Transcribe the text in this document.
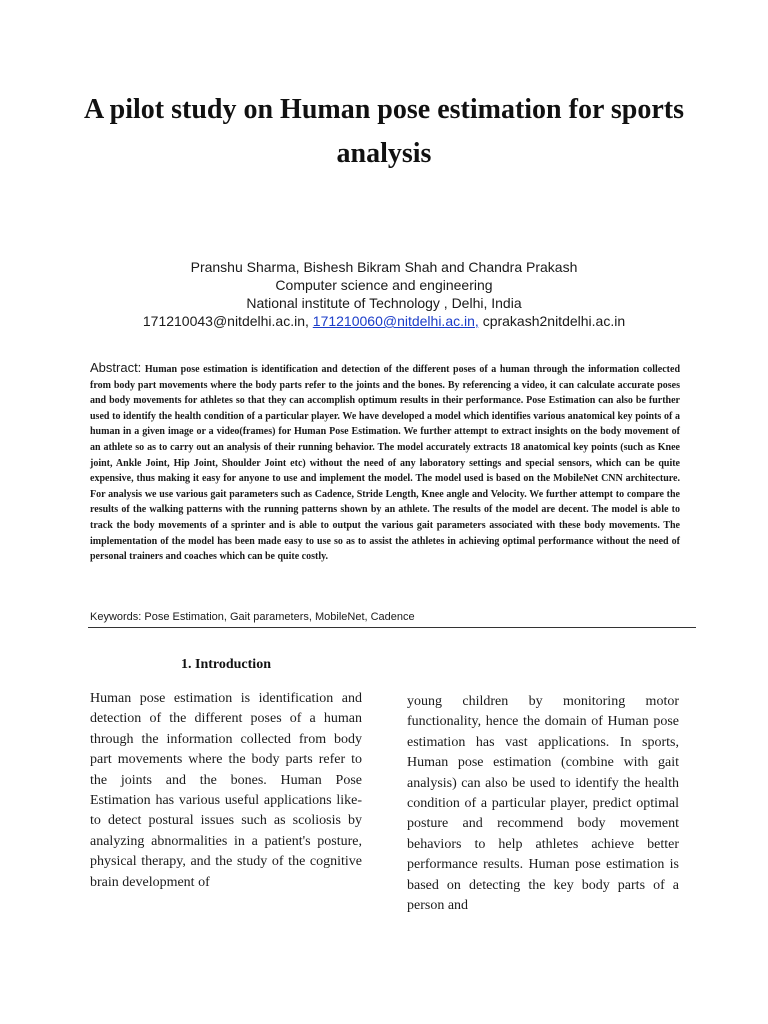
A pilot study on Human pose estimation for sports analysis
Pranshu Sharma, Bishesh Bikram Shah and Chandra Prakash
Computer science and engineering
National institute of Technology , Delhi, India
171210043@nitdelhi.ac.in, 171210060@nitdelhi.ac.in, cprakash2nitdelhi.ac.in

Abstract: Human pose estimation is identification and detection of the different poses of a human through the information collected from body part movements where the body parts refer to the joints and the bones. By referencing a video, it can calculate accurate poses and body movements for athletes so that they can accomplish optimum results in their performance. Pose Estimation can also be further used to identify the health condition of a particular player. We have developed a model which identifies various anatomical key points of a human in a given image or a video(frames) for Human Pose Estimation. We further attempt to extract insights on the body movement of an athlete so as to carry out an analysis of their running behavior. The model accurately extracts 18 anatomical key points (such as Knee joint, Ankle Joint, Hip Joint, Shoulder Joint etc) without the need of any laboratory settings and special sensors, which can be quite expensive, thus making it easy for anyone to use and implement the model. The model used is based on the MobileNet CNN architecture. For analysis we use various gait parameters such as Cadence, Stride Length, Knee angle and Velocity. We further attempt to compare the results of the walking patterns with the running patterns shown by an athlete. The results of the model are decent. The model is able to track the body movements of a sprinter and is able to output the various gait parameters associated with these body movements. The implementation of the model has been made easy to use so as to assist the athletes in achieving optimal performance without the need of personal trainers and coaches which can be quite costly.

Keywords: Pose Estimation, Gait parameters, MobileNet, Cadence
1. Introduction

Human pose estimation is identification and detection of the different poses of a human through the information collected from body part movements where the body parts refer to the joints and the bones. Human Pose Estimation has various useful applications like- to detect postural issues such as scoliosis by analyzing abnormalities in a patient's posture, physical therapy, and the study of the cognitive brain development of

young children by monitoring motor functionality, hence the domain of Human pose estimation has vast applications. In sports, Human pose estimation (combine with gait analysis) can also be used to identify the health condition of a particular player, predict optimal posture and recommend body movement behaviors to help athletes achieve better performance results. Human pose estimation is based on detecting the key body parts of a person and
